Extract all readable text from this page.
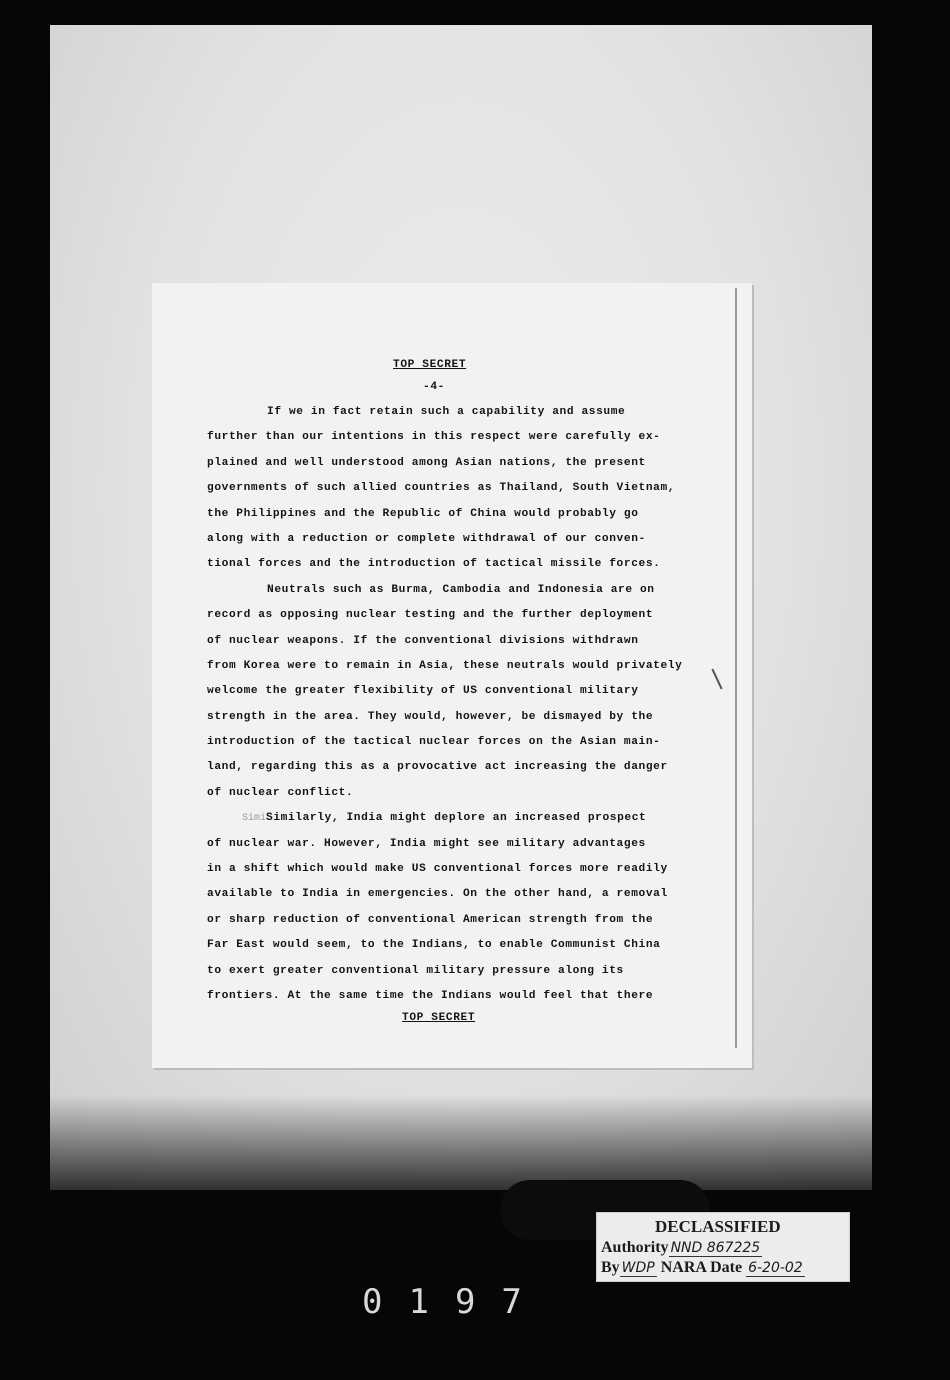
TOP SECRET
-4-
If we in fact retain such a capability and assume
further than our intentions in this respect were carefully ex-
plained and well understood among Asian nations, the present
governments of such allied countries as Thailand, South Vietnam,
the Philippines and the Republic of China would probably go
along with a reduction or complete withdrawal of our conven-
tional forces and the introduction of tactical missile forces.
Neutrals such as Burma, Cambodia and Indonesia are on
record as opposing nuclear testing and the further deployment
of nuclear weapons. If the conventional divisions withdrawn
from Korea were to remain in Asia, these neutrals would privately
welcome the greater flexibility of US conventional military
strength in the area. They would, however, be dismayed by the
introduction of the tactical nuclear forces on the Asian main-
land, regarding this as a provocative act increasing the danger
of nuclear conflict.
SimiSimilarly, India might deplore an increased prospect
of nuclear war. However, India might see military advantages
in a shift which would make US conventional forces more readily
available to India in emergencies. On the other hand, a removal
or sharp reduction of conventional American strength from the
Far East would seem, to the Indians, to enable Communist China
to exert greater conventional military pressure along its
frontiers. At the same time the Indians would feel that there
TOP SECRET
DECLASSIFIED
Authority NND 867225
By WDP NARA Date 6-20-02
0197
